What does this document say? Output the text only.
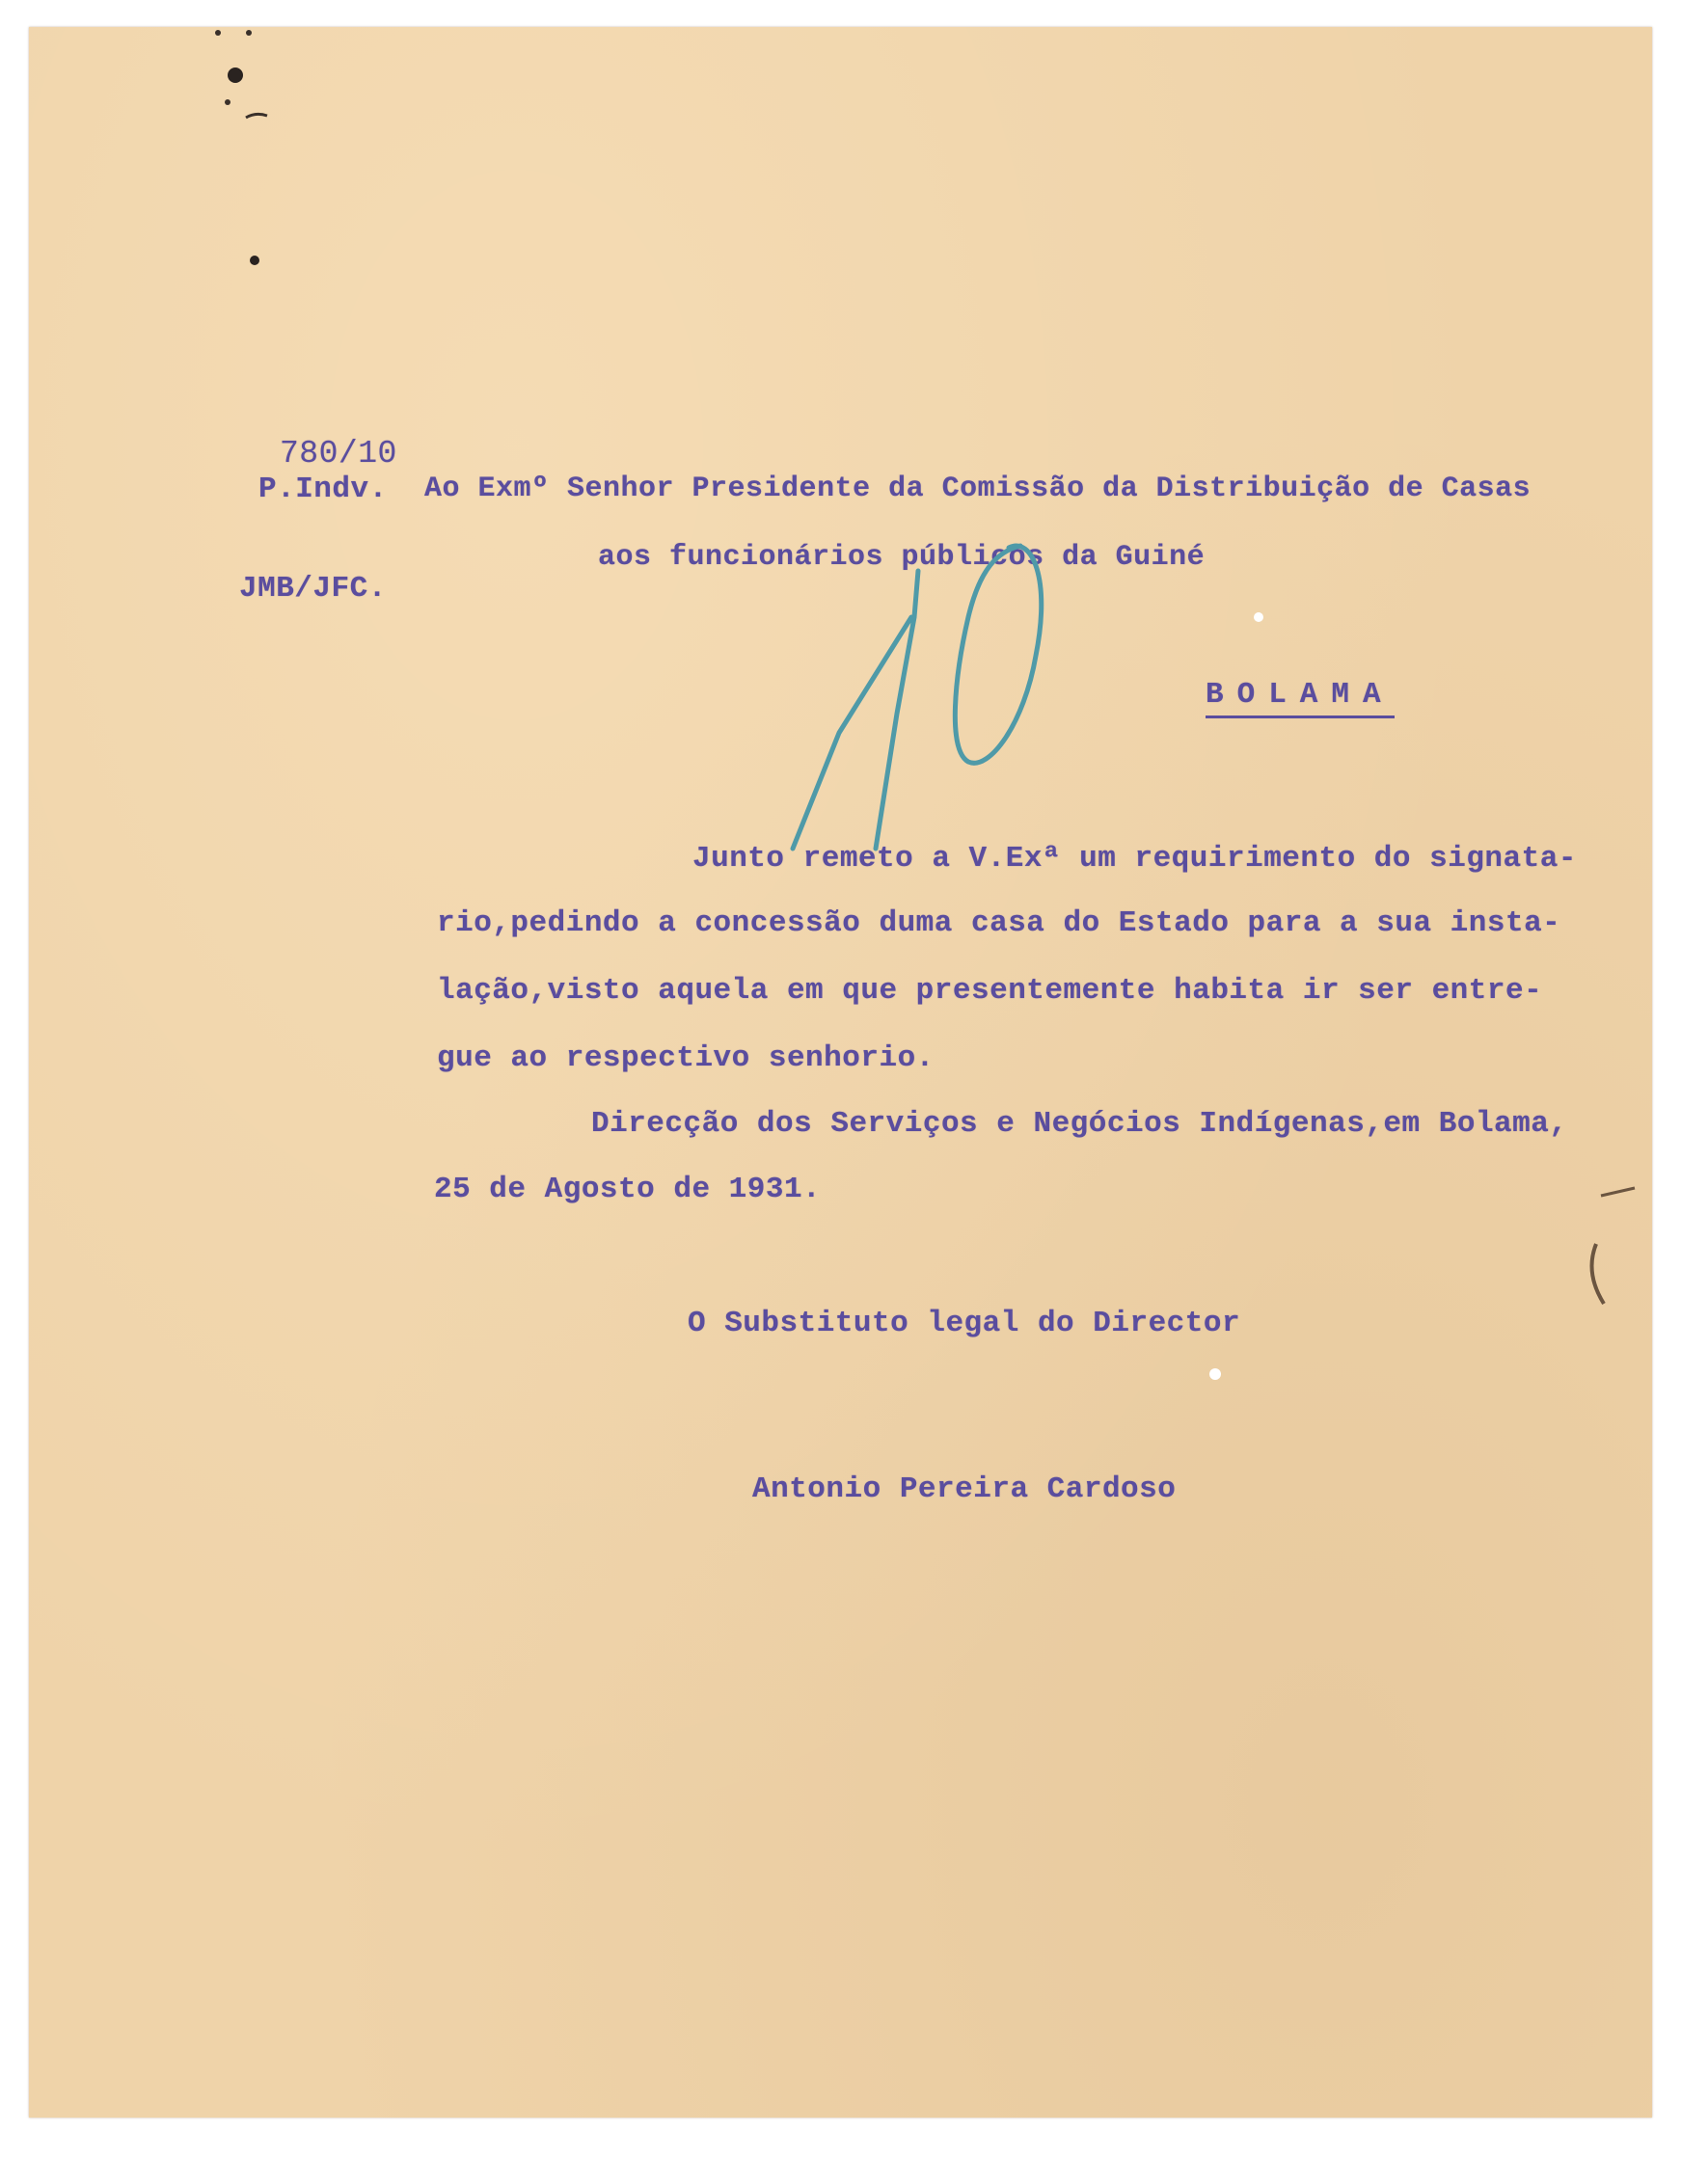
780/10
P.Indv. Ao Exmº Senhor Presidente da Comissão da Distribuição de Casas
aos funcionários públicos da Guiné
JMB/JFC.
BOLAMA
Junto remeto a V.Exª um requirimento do signata-
rio,pedindo a concessão duma casa do Estado para a sua insta-
lação,visto aquela em que presentemente habita ir ser entre-
gue ao respectivo senhorio.
Direcção dos Serviços e Negócios Indígenas,em Bolama,
25 de Agosto de 1931.
O Substituto legal do Director
Antonio Pereira Cardoso
